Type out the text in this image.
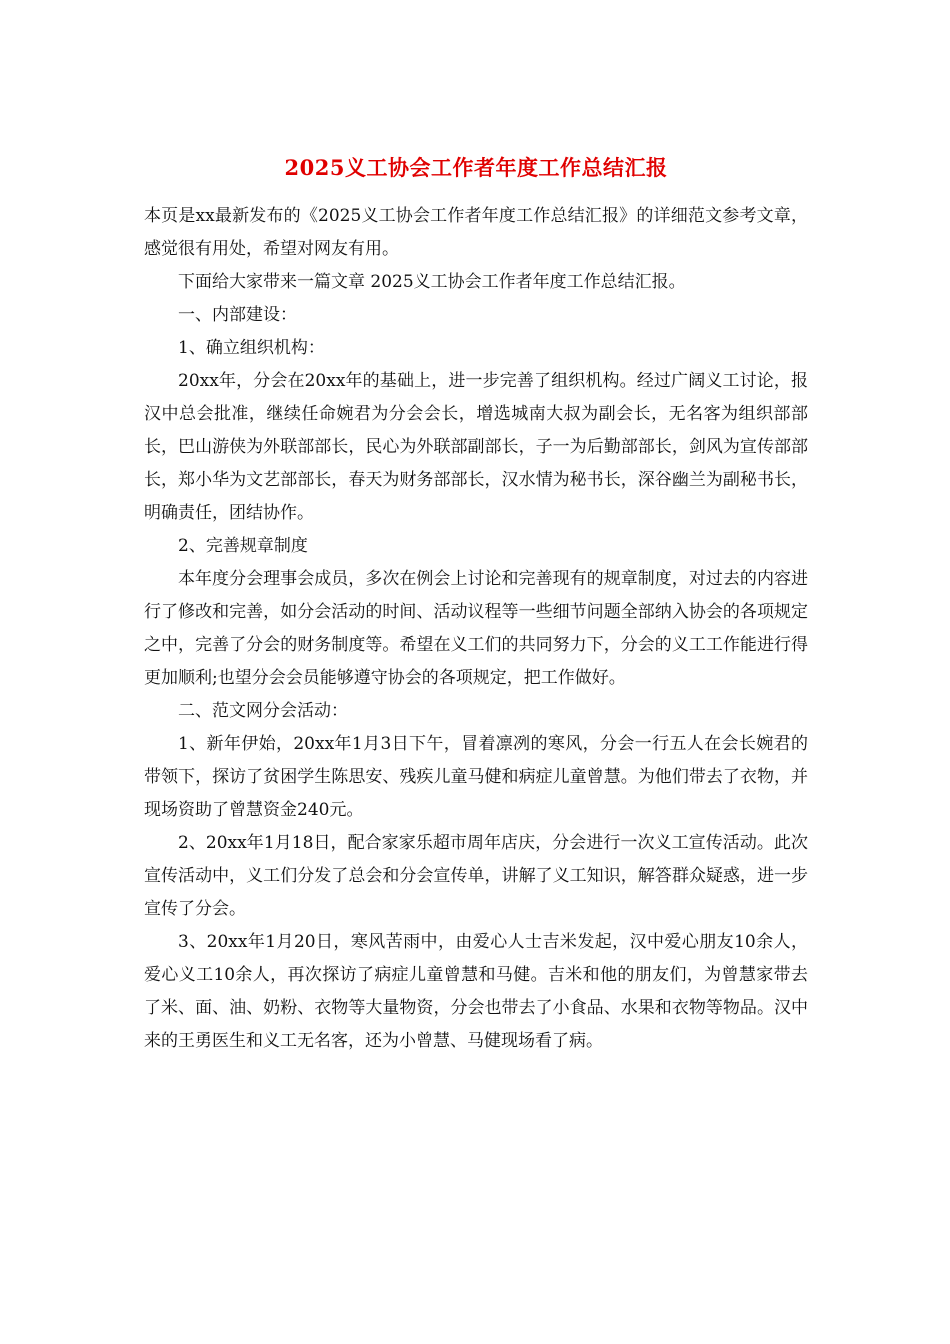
2025义工协会工作者年度工作总结汇报

本页是xx最新发布的《2025义工协会工作者年度工作总结汇报》的详细范文参考文章，感觉很有用处，希望对网友有用。

下面给大家带来一篇文章 2025义工协会工作者年度工作总结汇报。

一、内部建设：

1、确立组织机构：

20xx年，分会在20xx年的基础上，进一步完善了组织机构。经过广阔义工讨论，报汉中总会批准，继续任命婉君为分会会长，增选城南大叔为副会长，无名客为组织部部长，巴山游侠为外联部部长，民心为外联部副部长，子一为后勤部部长，剑风为宣传部部长，郑小华为文艺部部长，春天为财务部部长，汉水情为秘书长，深谷幽兰为副秘书长，明确责任，团结协作。

2、完善规章制度

本年度分会理事会成员，多次在例会上讨论和完善现有的规章制度，对过去的内容进行了修改和完善，如分会活动的时间、活动议程等一些细节问题全部纳入协会的各项规定之中，完善了分会的财务制度等。希望在义工们的共同努力下，分会的义工工作能进行得更加顺利;也望分会会员能够遵守协会的各项规定，把工作做好。

二、范文网分会活动：

1、新年伊始，20xx年1月3日下午，冒着凛冽的寒风，分会一行五人在会长婉君的带领下，探访了贫困学生陈思安、残疾儿童马健和病症儿童曾慧。为他们带去了衣物，并现场资助了曾慧资金240元。

2、20xx年1月18日，配合家家乐超市周年店庆，分会进行一次义工宣传活动。此次宣传活动中，义工们分发了总会和分会宣传单，讲解了义工知识，解答群众疑惑，进一步宣传了分会。

3、20xx年1月20日，寒风苦雨中，由爱心人士吉米发起，汉中爱心朋友10余人，爱心义工10余人，再次探访了病症儿童曾慧和马健。吉米和他的朋友们，为曾慧家带去了米、面、油、奶粉、衣物等大量物资，分会也带去了小食品、水果和衣物等物品。汉中来的王勇医生和义工无名客，还为小曾慧、马健现场看了病。
